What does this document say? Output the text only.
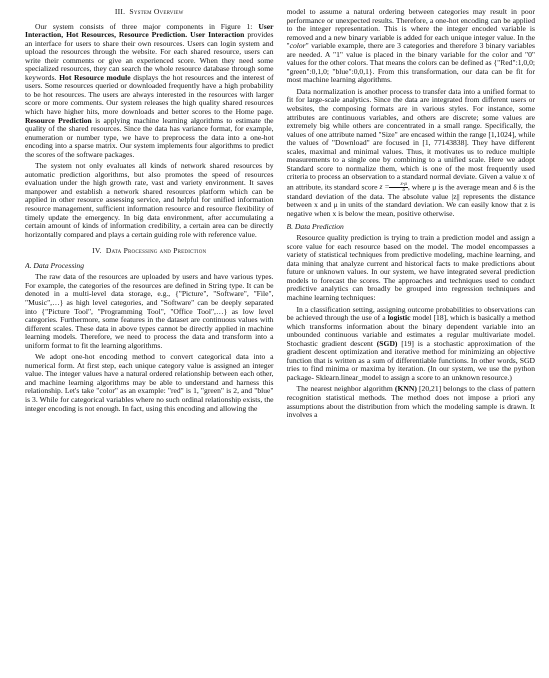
III. System Overview

Our system consists of three major components in Figure 1: User Interaction, Hot Resources, Resource Prediction. User Interaction provides an interface for users to share their own resources. Users can login system and upload the resources through the website. For each shared resource, users can write their comments or give an experienced score. When they need some specialized resources, they can search the whole resource database through some keywords. Hot Resource module displays the hot resources and the interest of users. Some resources queried or downloaded frequently have a high probability to be hot resources. The users are always interested in the resources with larger score or more comments. Our system releases the high quality shared resources which have higher hits, more downloads and better scores to the Home page. Resource Prediction is applying machine learning algorithms to estimate the quality of the shared resources. Since the data has variance format, for example, enumeration or number type, we have to preprocess the data into a one-hot encoding into a sparse matrix. Our system implements four algorithms to predict the scores of the software packages.

The system not only evaluates all kinds of network shared resources by automatic prediction algorithms, but also promotes the speed of resources evaluation under the high growth rate, vast and variety environment. It saves manpower and establish a network shared resources platform which can be applied in other resource assessing service, and helpful for unified information resource management, sufficient information resource and resource flexibility of timely update the emergency. In big data environment, after accumulating a certain amount of kinds of information credibility, a certain area can be directly horizontally compared and plays a certain guiding role with reference value.

IV. Data Processing and Prediction
A. Data Processing

The raw data of the resources are uploaded by users and have various types. For example, the categories of the resources are defined in String type. It can be denoted in a multi-level data storage, e.g., {"Picture", "Software", "File", "Music",…} as high level categories, and "Software" can be deeply separated into {"Picture Tool", "Programming Tool", "Office Tool",…} as low level categories. Furthermore, some features in the dataset are continuous values with different scales. These data in above types cannot be directly applied in machine learning models. Therefore, we need to process the data and transform into a uniform format to fit the learning algorithms.

We adopt one-hot encoding method to convert categorical data into a numerical form. At first step, each unique category value is assigned an integer value. The integer values have a natural ordered relationship between each other, and machine learning algorithms may be able to understand and harness this relationship. Let's take "color" as an example: "red" is 1, "green" is 2, and "blue" is 3. While for categorical variables where no such ordinal relationship exists, the integer encoding is not enough. In fact, using this encoding and allowing the

model to assume a natural ordering between categories may result in poor performance or unexpected results. Therefore, a one-hot encoding can be applied to the integer representation. This is where the integer encoded variable is removed and a new binary variable is added for each unique integer value. In the "color" variable example, there are 3 categories and therefore 3 binary variables are needed. A "1" value is placed in the binary variable for the color and "0" values for the other colors. That means the colors can be defined as {"Red":1,0,0; "green":0,1,0; "blue":0,0,1}. From this transformation, our data can be fit for most machine learning algorithms.

Data normalization is another process to transfer data into a unified format to fit for large-scale analytics. Since the data are integrated from different users or websites, the composing formats are in various styles. For instance, some attributes are continuous variables, and others are discrete; some values are extremely big while others are concentrated in a small range. Specifically, the values of one attribute named "Size" are encased within the range [1,1024], while the values of "Download" are focused in [1, 77143838]. They have different scales, maximal and minimal values. Thus, it motivates us to reduce multiple measurements to a single one by combining to a unified scale. Here we adopt Standard score to normalize them, which is one of the most frequently used criteria to process an observation to a standard normal deviate. Given a value x of an attribute, its standard score $z = \frac{x-\mu}{\delta}$ , where μ is the average mean and δ is the standard deviation of the data. The absolute value |z|| represents the distance between x and μ in units of the standard deviation. We can easily know that z is negative when x is below the mean, positive otherwise.

B. Data Prediction

Resource quality prediction is trying to train a prediction model and assign a score value for each resource based on the model. The model encompasses a variety of statistical techniques from predictive modeling, machine learning, and data mining that analyze current and historical facts to make predictions about future or unknown values. In our system, we have integrated several prediction models to forecast the scores. The approaches and techniques used to conduct predictive analytics can broadly be grouped into regression techniques and machine learning techniques:

In a classification setting, assigning outcome probabilities to observations can be achieved through the use of a logistic model [18], which is basically a method which transforms information about the binary dependent variable into an unbounded continuous variable and estimates a regular multivariate model. Stochastic gradient descent (SGD) [19] is a stochastic approximation of the gradient descent optimization and iterative method for minimizing an objective function that is written as a sum of differentiable functions. In other words, SGD tries to find minima or maxima by iteration. (In our system, we use the python package- Sklearn.linear_model to assign a score to an unknown resource.)

The nearest neighbor algorithm (KNN) [20,21] belongs to the class of pattern recognition statistical methods. The method does not impose a priori any assumptions about the distribution from which the modeling sample is drawn. It involves a
